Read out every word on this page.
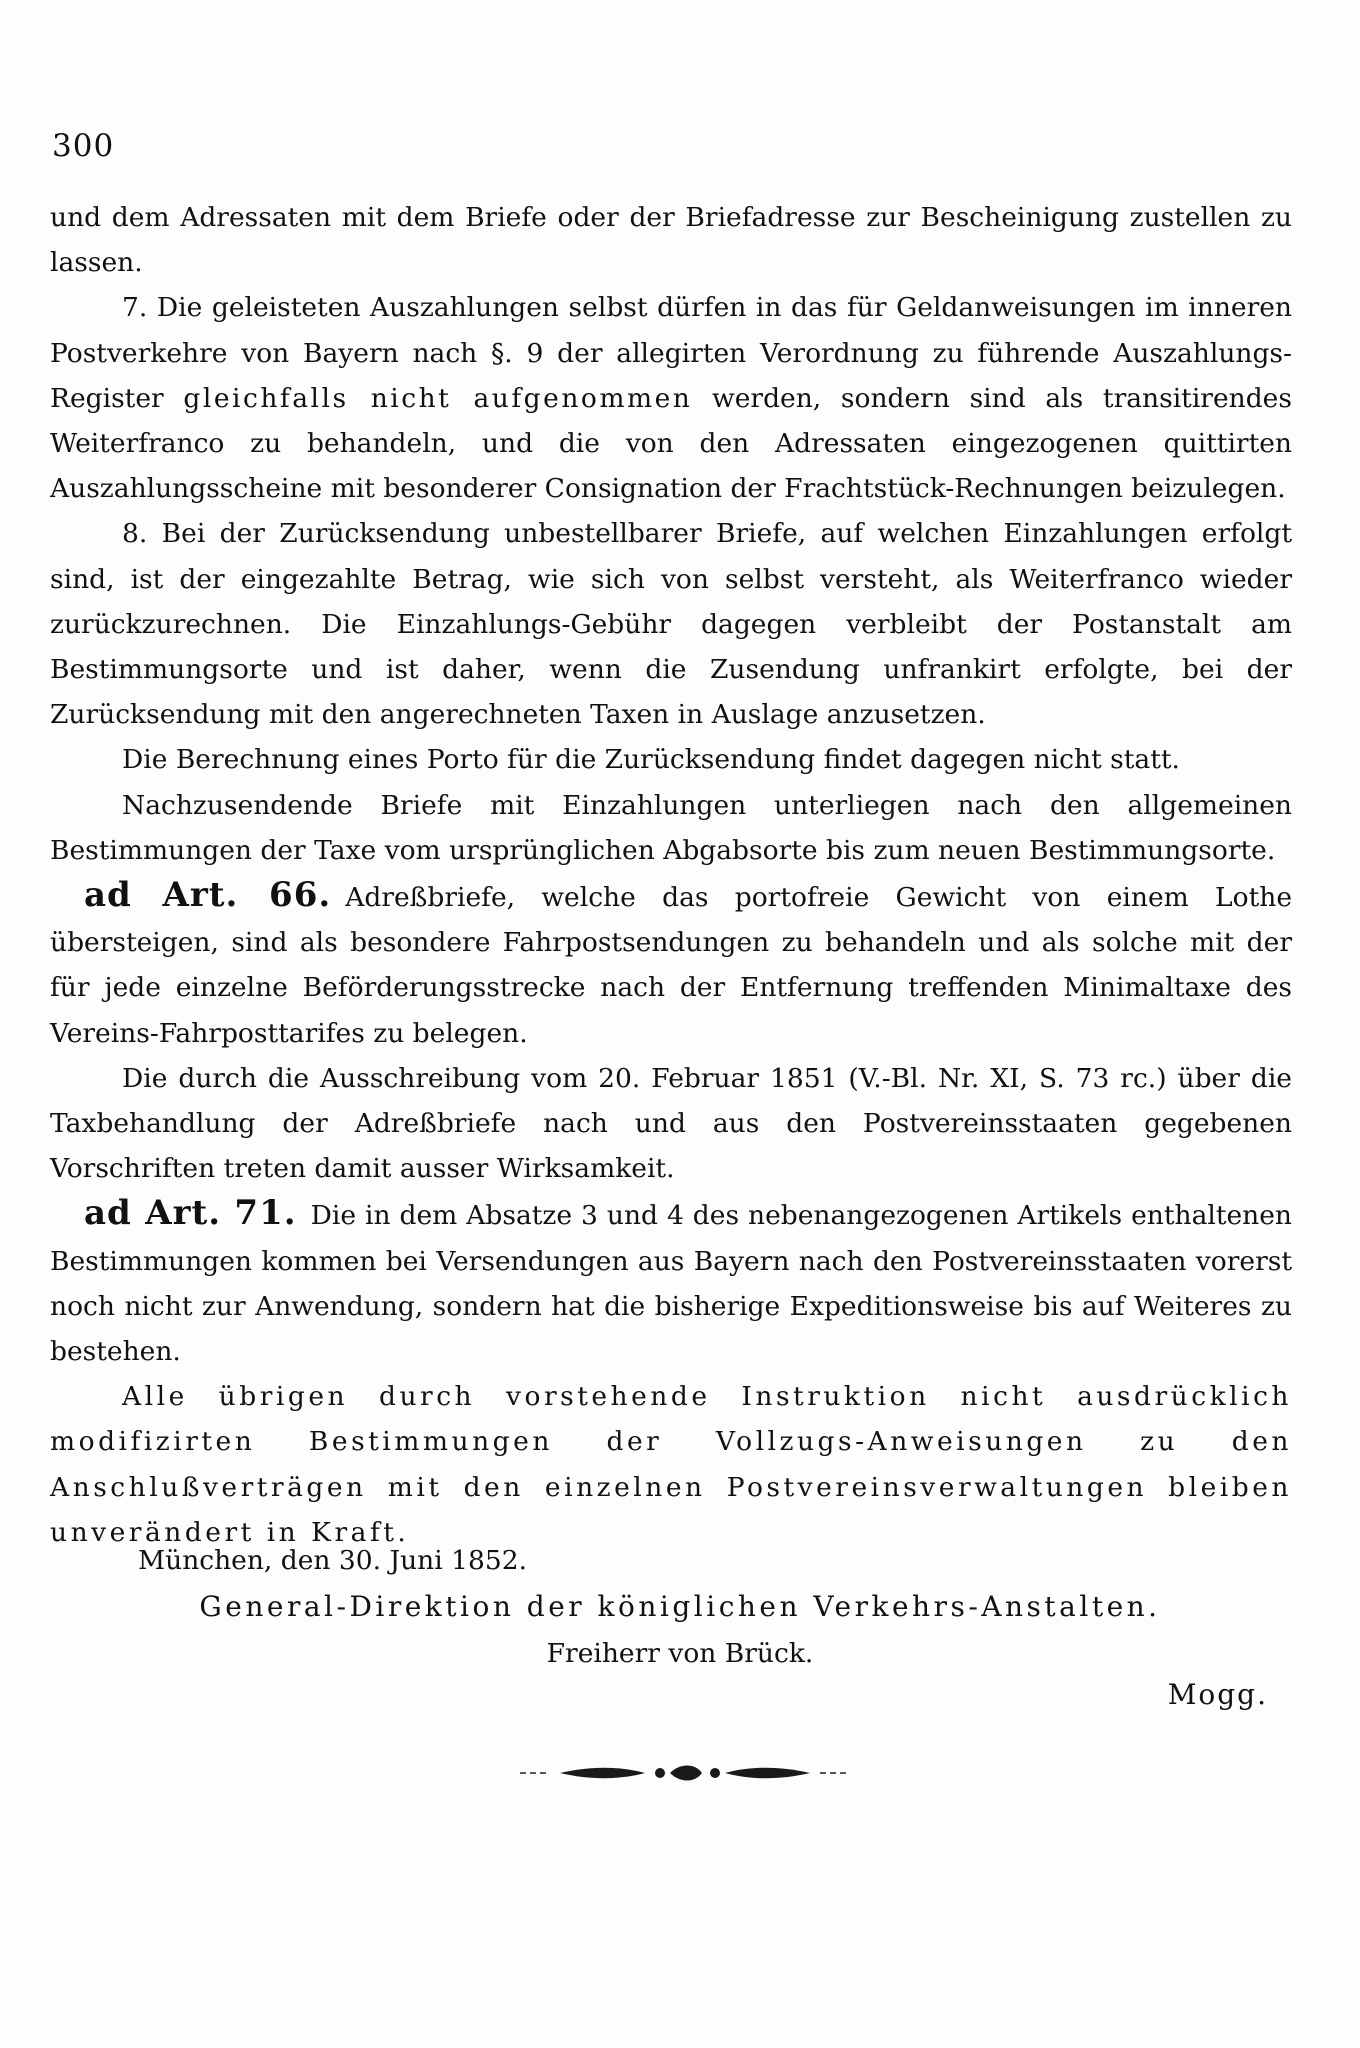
300

und dem Adressaten mit dem Briefe oder der Briefadresse zur Bescheinigung zustellen zu lassen.

7. Die geleisteten Auszahlungen selbst dürfen in das für Geldanweisungen im inneren Postverkehre von Bayern nach §. 9 der allegirten Verordnung zu führende Auszahlungs-Register gleichfalls nicht aufgenommen werden, sondern sind als transitirendes Weiterfranco zu behandeln, und die von den Adressaten eingezogenen quittirten Auszahlungsscheine mit besonderer Consignation der Frachtstück-Rechnungen beizulegen.

8. Bei der Zurücksendung unbestellbarer Briefe, auf welchen Einzahlungen erfolgt sind, ist der eingezahlte Betrag, wie sich von selbst versteht, als Weiterfranco wieder zurückzurechnen. Die Einzahlungs-Gebühr dagegen verbleibt der Postanstalt am Bestimmungsorte und ist daher, wenn die Zusendung unfrankirt erfolgte, bei der Zurücksendung mit den angerechneten Taxen in Auslage anzusetzen.

Die Berechnung eines Porto für die Zurücksendung findet dagegen nicht statt.

Nachzusendende Briefe mit Einzahlungen unterliegen nach den allgemeinen Bestimmungen der Taxe vom ursprünglichen Abgabsorte bis zum neuen Bestimmungsorte.

ad Art. 66. Adreßbriefe, welche das portofreie Gewicht von einem Lothe übersteigen, sind als besondere Fahrpostsendungen zu behandeln und als solche mit der für jede einzelne Beförderungsstrecke nach der Entfernung treffenden Minimaltaxe des Vereins-Fahrposttarifes zu belegen.

Die durch die Ausschreibung vom 20. Februar 1851 (V.-Bl. Nr. XI, S. 73 rc.) über die Taxbehandlung der Adreßbriefe nach und aus den Postvereinsstaaten gegebenen Vorschriften treten damit ausser Wirksamkeit.

ad Art. 71. Die in dem Absatze 3 und 4 des nebenangezogenen Artikels enthaltenen Bestimmungen kommen bei Versendungen aus Bayern nach den Postvereinsstaaten vorerst noch nicht zur Anwendung, sondern hat die bisherige Expeditionsweise bis auf Weiteres zu bestehen.

Alle übrigen durch vorstehende Instruktion nicht ausdrücklich modifizirten Bestimmungen der Vollzugs-Anweisungen zu den Anschlußverträgen mit den einzelnen Postvereinsverwaltungen bleiben unverändert in Kraft.

München, den 30. Juni 1852.
General-Direktion der königlichen Verkehrs-Anstalten.
Freiherr von Brück.
Mogg.
